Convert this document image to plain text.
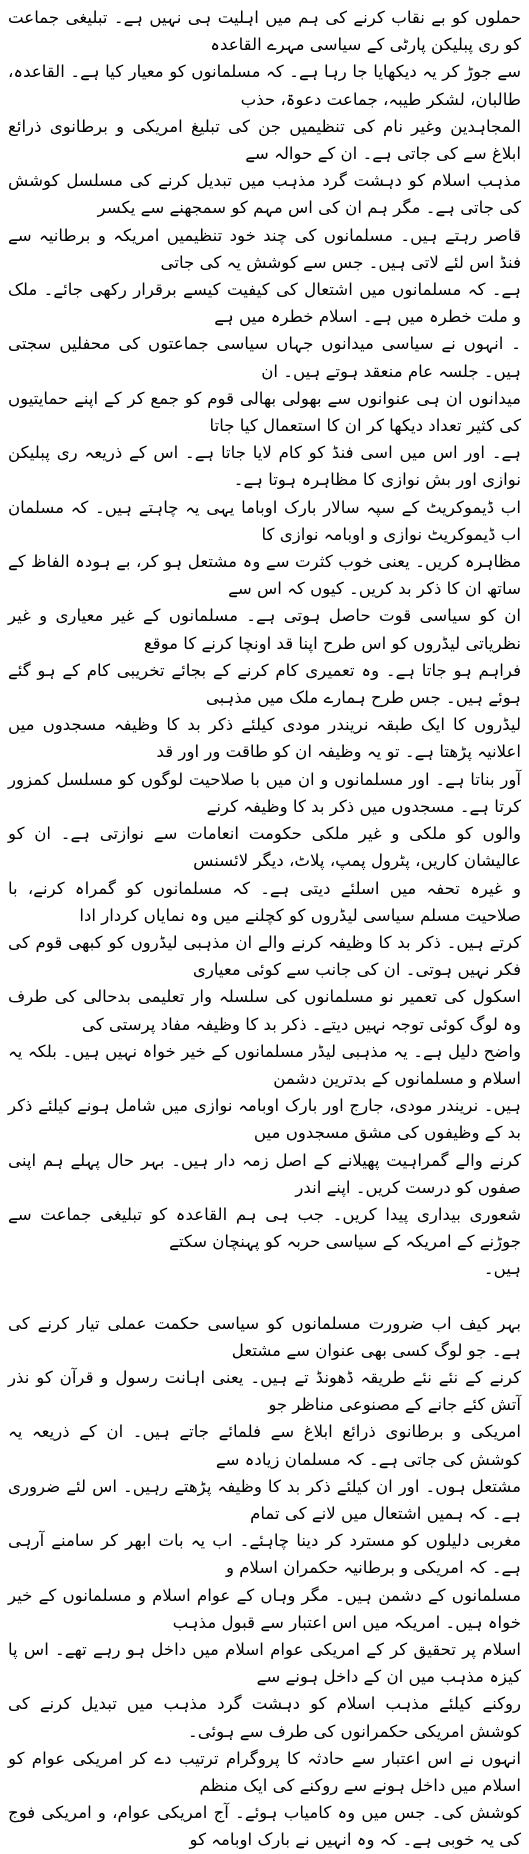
حملوں کو بے نقاب کرنے کی ہم میں اہلیت ہی نہیں ہے۔ تبلیغی جماعت کو ری پبلیکن پارٹی کے سیاسی مہرے القاعدہ
سے جوڑ کر یہ دیکھایا جا رہا ہے۔ کہ مسلمانوں کو معیار کیا ہے۔ القاعدہ، طالبان، لشکر طیبہ، جماعت دعوۃ، حذب
المجاہدین وغیر نام کی تنظیمیں جن کی تبلیغ امریکی و برطانوی ذرائع ابلاغ سے کی جاتی ہے۔ ان کے حوالہ سے
مذہب اسلام کو دہشت گرد مذہب میں تبدیل کرنے کی مسلسل کوشش کی جاتی ہے۔ مگر ہم ان کی اس مہم کو سمجھنے سے یکسر
قاصر رہتے ہیں۔ مسلمانوں کی چند خود تنظیمیں امریکہ و برطانیہ سے فنڈ اس لئے لاتی ہیں۔ جس سے کوشش یہ کی جاتی
ہے۔ کہ مسلمانوں میں اشتعال کی کیفیت کیسے برقرار رکھی جائے۔ ملک و ملت خطرہ میں ہے۔ اسلام خطرہ میں ہے
۔ انہوں نے سیاسی میدانوں جہاں سیاسی جماعتوں کی محفلیں سجتی ہیں۔ جلسہ عام منعقد ہوتے ہیں۔ ان
میدانوں ان ہی عنوانوں سے بھولی بھالی قوم کو جمع کر کے اپنے حمایتیوں کی کثیر تعداد دیکھا کر ان کا استعمال کیا جاتا
ہے۔ اور اس میں اسی فنڈ کو کام لایا جاتا ہے۔ اس کے ذریعہ ری پبلیکن نوازی اور بش نوازی کا مظاہرہ ہوتا ہے۔
اب ڈیموکریٹ کے سپہ سالار بارک اوباما یہی یہ چاہتے ہیں۔ کہ مسلمان اب ڈیموکریٹ نوازی و اوبامہ نوازی کا
مظاہرہ کریں۔ یعنی خوب کثرت سے وہ مشتعل ہو کر، بے ہودہ الفاظ کے ساتھ ان کا ذکر بد کریں۔ کیوں کہ اس سے
ان کو سیاسی قوت حاصل ہوتی ہے۔ مسلمانوں کے غیر معیاری و غیر نظریاتی لیڈروں کو اس طرح اپنا قد اونچا کرنے کا موقع
فراہم ہو جاتا ہے۔ وہ تعمیری کام کرنے کے بجائے تخریبی کام کے ہو گئے ہوئے ہیں۔ جس طرح ہمارے ملک میں مذہبی
لیڈروں کا ایک طبقہ نریندر مودی کیلئے ذکر بد کا وظیفہ مسجدوں میں اعلانیہ پڑھتا ہے۔ تو یہ وظیفہ ان کو طاقت ور اور قد
آور بناتا ہے۔ اور مسلمانوں و ان میں با صلاحیت لوگوں کو مسلسل کمزور کرتا ہے۔ مسجدوں میں ذکر بد کا وظیفہ کرنے
والوں کو ملکی و غیر ملکی حکومت انعامات سے نوازتی ہے۔ ان کو عالیشان کاریں، پٹرول پمپ، پلاٹ، دیگر لائسنس
و غیرہ تحفہ میں اسلئے دیتی ہے۔ کہ مسلمانوں کو گمراہ کرنے، با صلاحیت مسلم سیاسی لیڈروں کو کچلنے میں وہ نمایاں کردار ادا
کرتے ہیں۔ ذکر بد کا وظیفہ کرنے والے ان مذہبی لیڈروں کو کبھی قوم کی فکر نہیں ہوتی۔ ان کی جانب سے کوئی معیاری
اسکول کی تعمیر نو مسلمانوں کی سلسلہ وار تعلیمی بدحالی کی طرف وہ لوگ کوئی توجہ نہیں دیتے۔ ذکر بد کا وظیفہ مفاد پرستی کی
واضح دلیل ہے۔ یہ مذہبی لیڈر مسلمانوں کے خیر خواہ نہیں ہیں۔ بلکہ یہ اسلام و مسلمانوں کے بدترین دشمن
ہیں۔ نریندر مودی، جارج اور بارک اوبامہ نوازی میں شامل ہونے کیلئے ذکر بد کے وظیفوں کی مشق مسجدوں میں
کرنے والے گمراہیت پھیلانے کے اصل زمہ دار ہیں۔ بہر حال پہلے ہم اپنی صفوں کو درست کریں۔ اپنے اندر
شعوری بیداری پیدا کریں۔ جب ہی ہم القاعدہ کو تبلیغی جماعت سے جوڑنے کے امریکہ کے سیاسی حربہ کو پہنچان سکتے
ہیں۔

بہر کیف اب ضرورت مسلمانوں کو سیاسی حکمت عملی تیار کرنے کی ہے۔ جو لوگ کسی بھی عنوان سے مشتعل
کرنے کے نئے نئے طریقہ ڈھونڈ تے ہیں۔ یعنی اہانت رسول و قرآن کو نذر آتش کئے جانے کے مصنوعی مناظر جو
امریکی و برطانوی ذرائع ابلاغ سے فلمائے جاتے ہیں۔ ان کے ذریعہ یہ کوشش کی جاتی ہے۔ کہ مسلمان زیادہ سے
مشتعل ہوں۔ اور ان کیلئے ذکر بد کا وظیفہ پڑھتے رہیں۔ اس لئے ضروری ہے۔ کہ ہمیں اشتعال میں لانے کی تمام
مغربی دلیلوں کو مسترد کر دینا چاہئے۔ اب یہ بات ابھر کر سامنے آرہی ہے۔ کہ امریکی و برطانیہ حکمران اسلام و
مسلمانوں کے دشمن ہیں۔ مگر وہاں کے عوام اسلام و مسلمانوں کے خیر خواہ ہیں۔ امریکہ میں اس اعتبار سے قبول مذہب
اسلام پر تحقیق کر کے امریکی عوام اسلام میں داخل ہو رہے تھے۔ اس پا کیزہ مذہب میں ان کے داخل ہونے سے
روکنے کیلئے مذہب اسلام کو دہشت گرد مذہب میں تبدیل کرنے کی کوشش امریکی حکمرانوں کی طرف سے ہوئی۔
انہوں نے اس اعتبار سے حادثہ کا پروگرام ترتیب دے کر امریکی عوام کو اسلام میں داخل ہونے سے روکنے کی ایک منظم
کوشش کی۔ جس میں وہ کامیاب ہوئے۔ آج امریکی عوام، و امریکی فوج کی یہ خوبی ہے۔ کہ وہ انہیں نے بارک اوبامہ کو
